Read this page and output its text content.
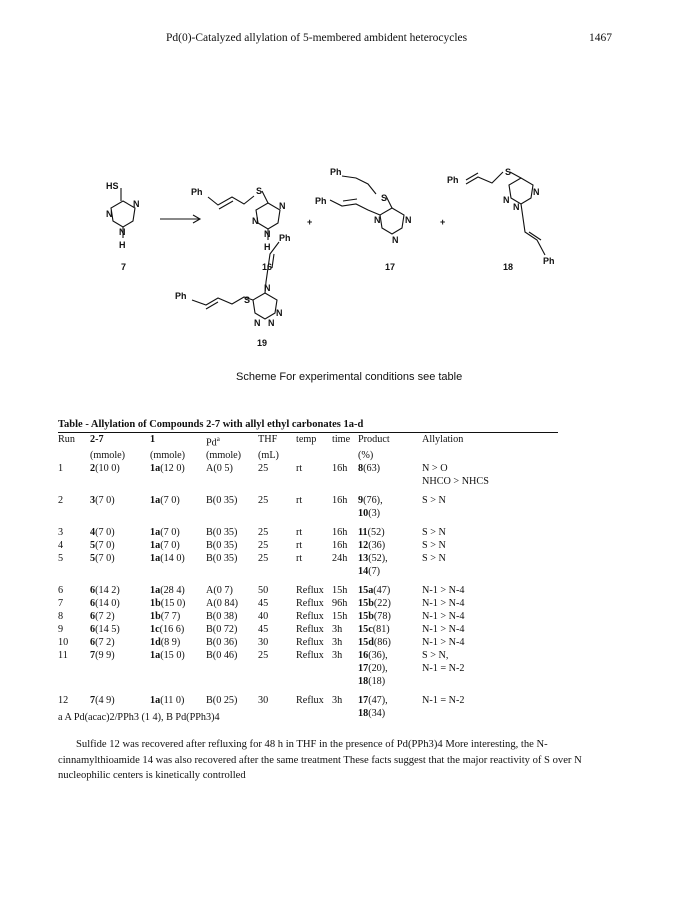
Pd(0)-Catalyzed allylation of 5-membered ambident heterocycles	1467
HS
N
N
N
H
7
Ph	S
N
N
N
H
16
+
Ph
S
Ph
N	N
N
17
+
Ph
S
N
N
N
18
Ph
Ph
Ph	S
N
N
N N
19
Scheme For experimental conditions see table
Table - Allylation of Compounds 2-7 with allyl ethyl carbonates 1a-d
Run	2-7	1	Pd$^a$	THF	temp	time	Product	Allylation
	(mmole)	(mmole)	(mmole)	(mL)			(%)	
1	2(10 0)	1a(12 0)	A(0 5)	25	rt	16h	8(63)	N > O
								NHCO > NHCS

2	3(7 0)	1a(7 0)	B(0 35)	25	rt	16h	9(76),	S > N
							10(3)	

3	4(7 0)	1a(7 0)	B(0 35)	25	rt	16h	11(52)	S > N
4	5(7 0)	1a(7 0)	B(0 35)	25	rt	16h	12(36)	S > N
5	5(7 0)	1a(14 0)	B(0 35)	25	rt	24h	13(52),	S > N
							14(7)	

6	6(14 2)	1a(28 4)	A(0 7)	50	Reflux	15h	15a(47)	N-1 > N-4
7	6(14 0)	1b(15 0)	A(0 84)	45	Reflux	96h	15b(22)	N-1 > N-4
8	6(7 2)	1b(7 7)	B(0 38)	40	Reflux	15h	15b(78)	N-1 > N-4
9	6(14 5)	1c(16 6)	B(0 72)	45	Reflux	3h	15c(81)	N-1 > N-4
10	6(7 2)	1d(8 9)	B(0 36)	30	Reflux	3h	15d(86)	N-1 > N-4
11	7(9 9)	1a(15 0)	B(0 46)	25	Reflux	3h	16(36),	S > N,
							17(20),	N-1 = N-2
							18(18)	

12	7(4 9)	1a(11 0)	B(0 25)	30	Reflux	3h	17(47),	N-1 = N-2
							18(34)	
a A Pd(acac)2/PPh3 (1 4), B Pd(PPh3)4

Sulfide 12 was recovered after refluxing for 48 h in THF in the presence of Pd(PPh3)4 More interesting, the N-cinnamylthioamide 14 was also recovered after the same treatment These facts suggest that the major reactivity of S over N nucleophilic centers is kinetically controlled
